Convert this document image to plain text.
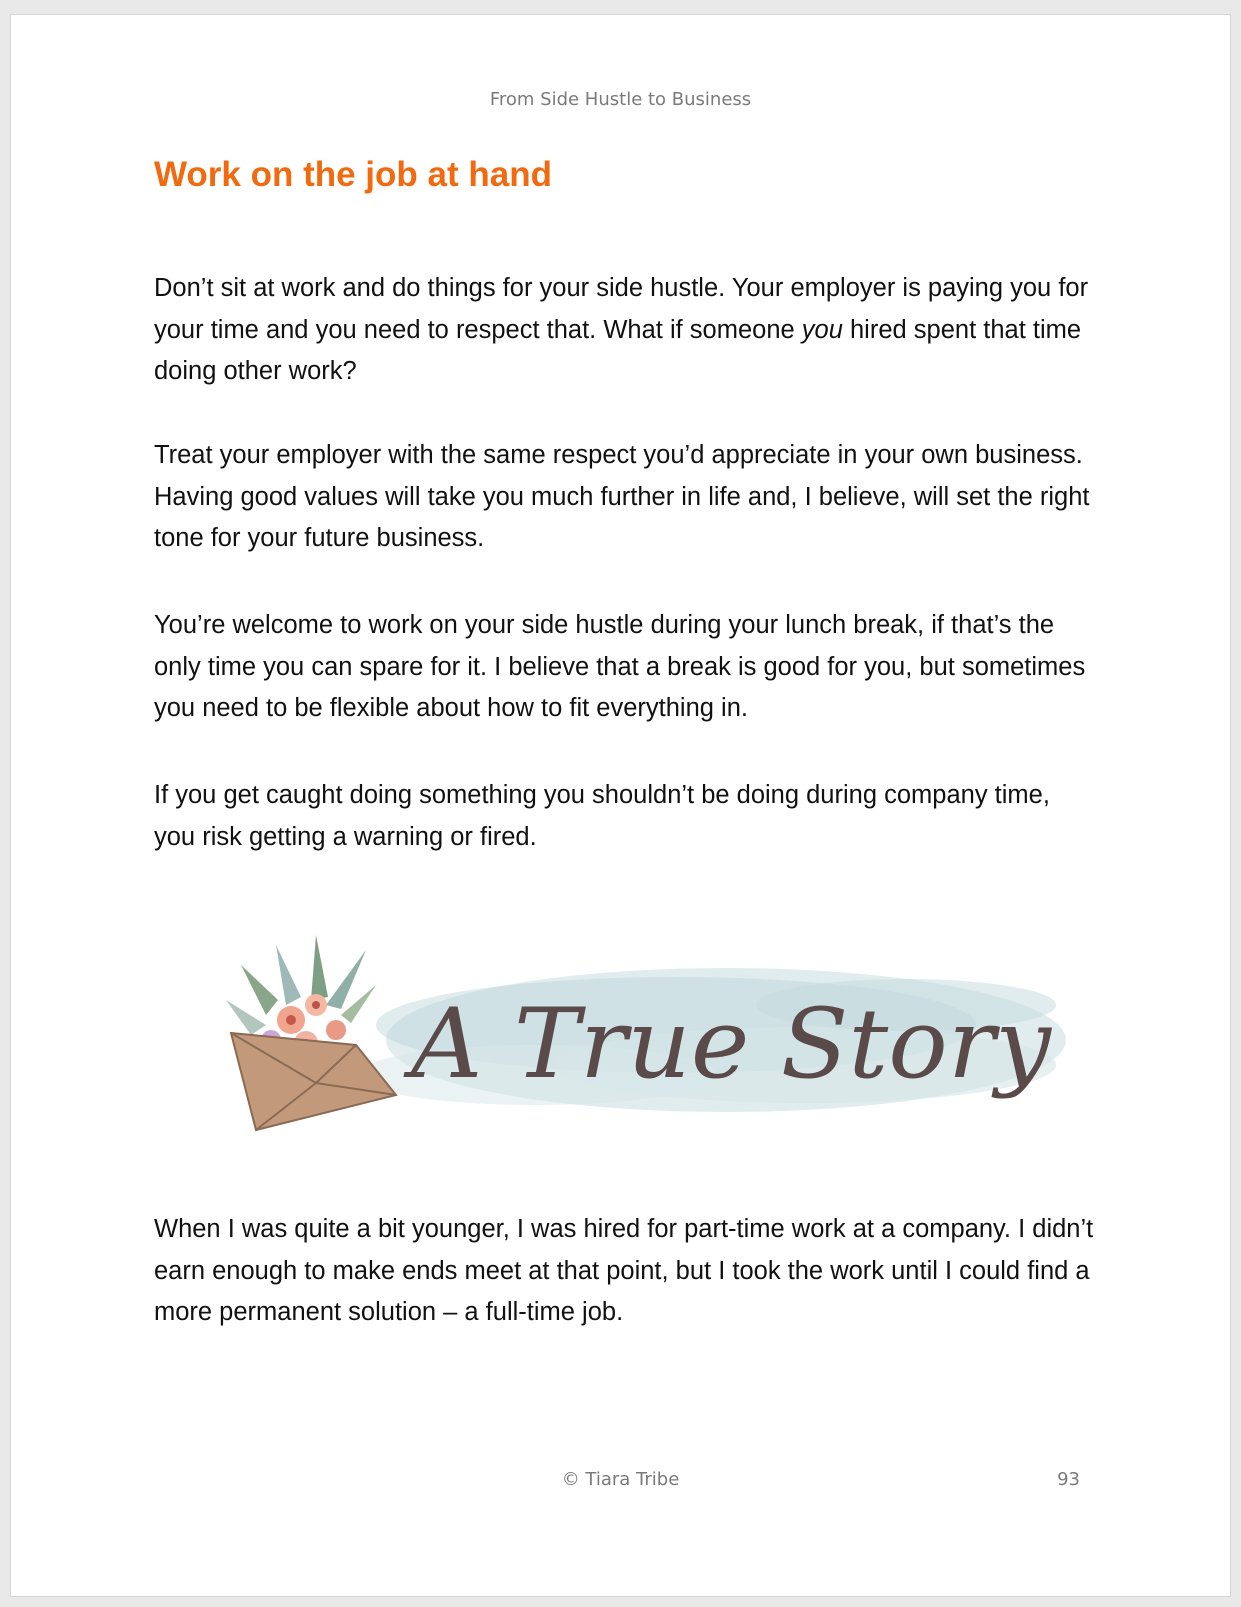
From Side Hustle to Business
Work on the job at hand

Don’t sit at work and do things for your side hustle. Your employer is paying you for your time and you need to respect that. What if someone you hired spent that time doing other work?

Treat your employer with the same respect you’d appreciate in your own business. Having good values will take you much further in life and, I believe, will set the right tone for your future business.

You’re welcome to work on your side hustle during your lunch break, if that’s the only time you can spare for it. I believe that a break is good for you, but sometimes you need to be flexible about how to fit everything in.

If you get caught doing something you shouldn’t be doing during company time, you risk getting a warning or fired.

A True Story

When I was quite a bit younger, I was hired for part-time work at a company. I didn’t earn enough to make ends meet at that point, but I took the work until I could find a more permanent solution – a full-time job.

© Tiara Tribe	93
